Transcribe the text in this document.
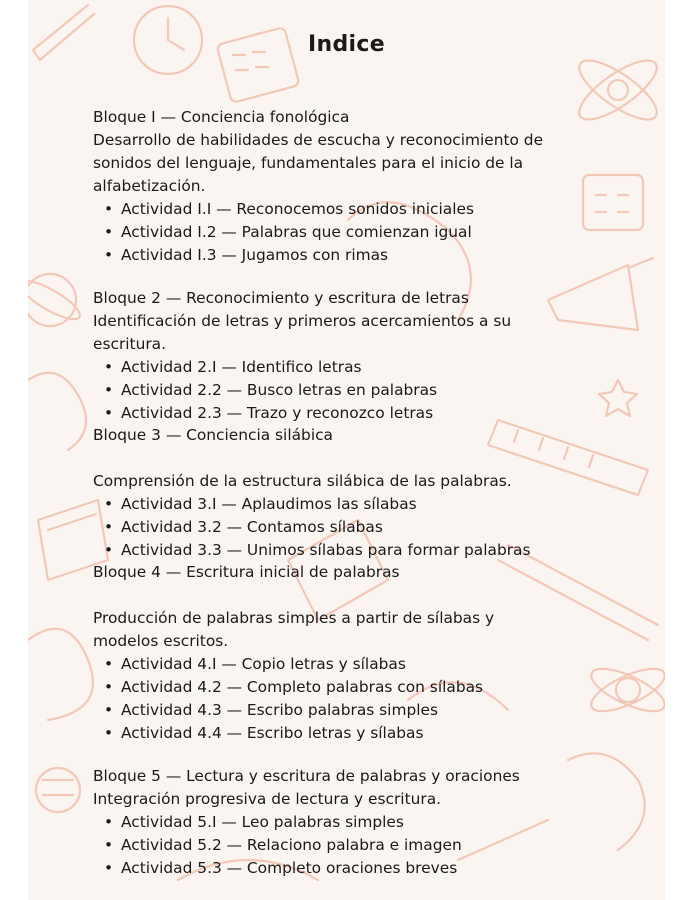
Indice

Bloque I — Conciencia fonológica

Desarrollo de habilidades de escucha y reconocimiento de

sonidos del lenguaje, fundamentales para el inicio de la

alfabetización.

• Actividad I.I — Reconocemos sonidos iniciales
• Actividad I.2 — Palabras que comienzan igual
• Actividad I.3 — Jugamos con rimas

Bloque 2 — Reconocimiento y escritura de letras

Identificación de letras y primeros acercamientos a su

escritura.

• Actividad 2.I — Identifico letras
• Actividad 2.2 — Busco letras en palabras
• Actividad 2.3 — Trazo y reconozco letras

Bloque 3 — Conciencia silábica

Comprensión de la estructura silábica de las palabras.

• Actividad 3.I — Aplaudimos las sílabas
• Actividad 3.2 — Contamos sílabas
• Actividad 3.3 — Unimos sílabas para formar palabras

Bloque 4 — Escritura inicial de palabras

Producción de palabras simples a partir de sílabas y

modelos escritos.

• Actividad 4.I — Copio letras y sílabas
• Actividad 4.2 — Completo palabras con sílabas
• Actividad 4.3 — Escribo palabras simples
• Actividad 4.4 — Escribo letras y sílabas

Bloque 5 — Lectura y escritura de palabras y oraciones

Integración progresiva de lectura y escritura.

• Actividad 5.I — Leo palabras simples
• Actividad 5.2 — Relaciono palabra e imagen
• Actividad 5.3 — Completo oraciones breves
